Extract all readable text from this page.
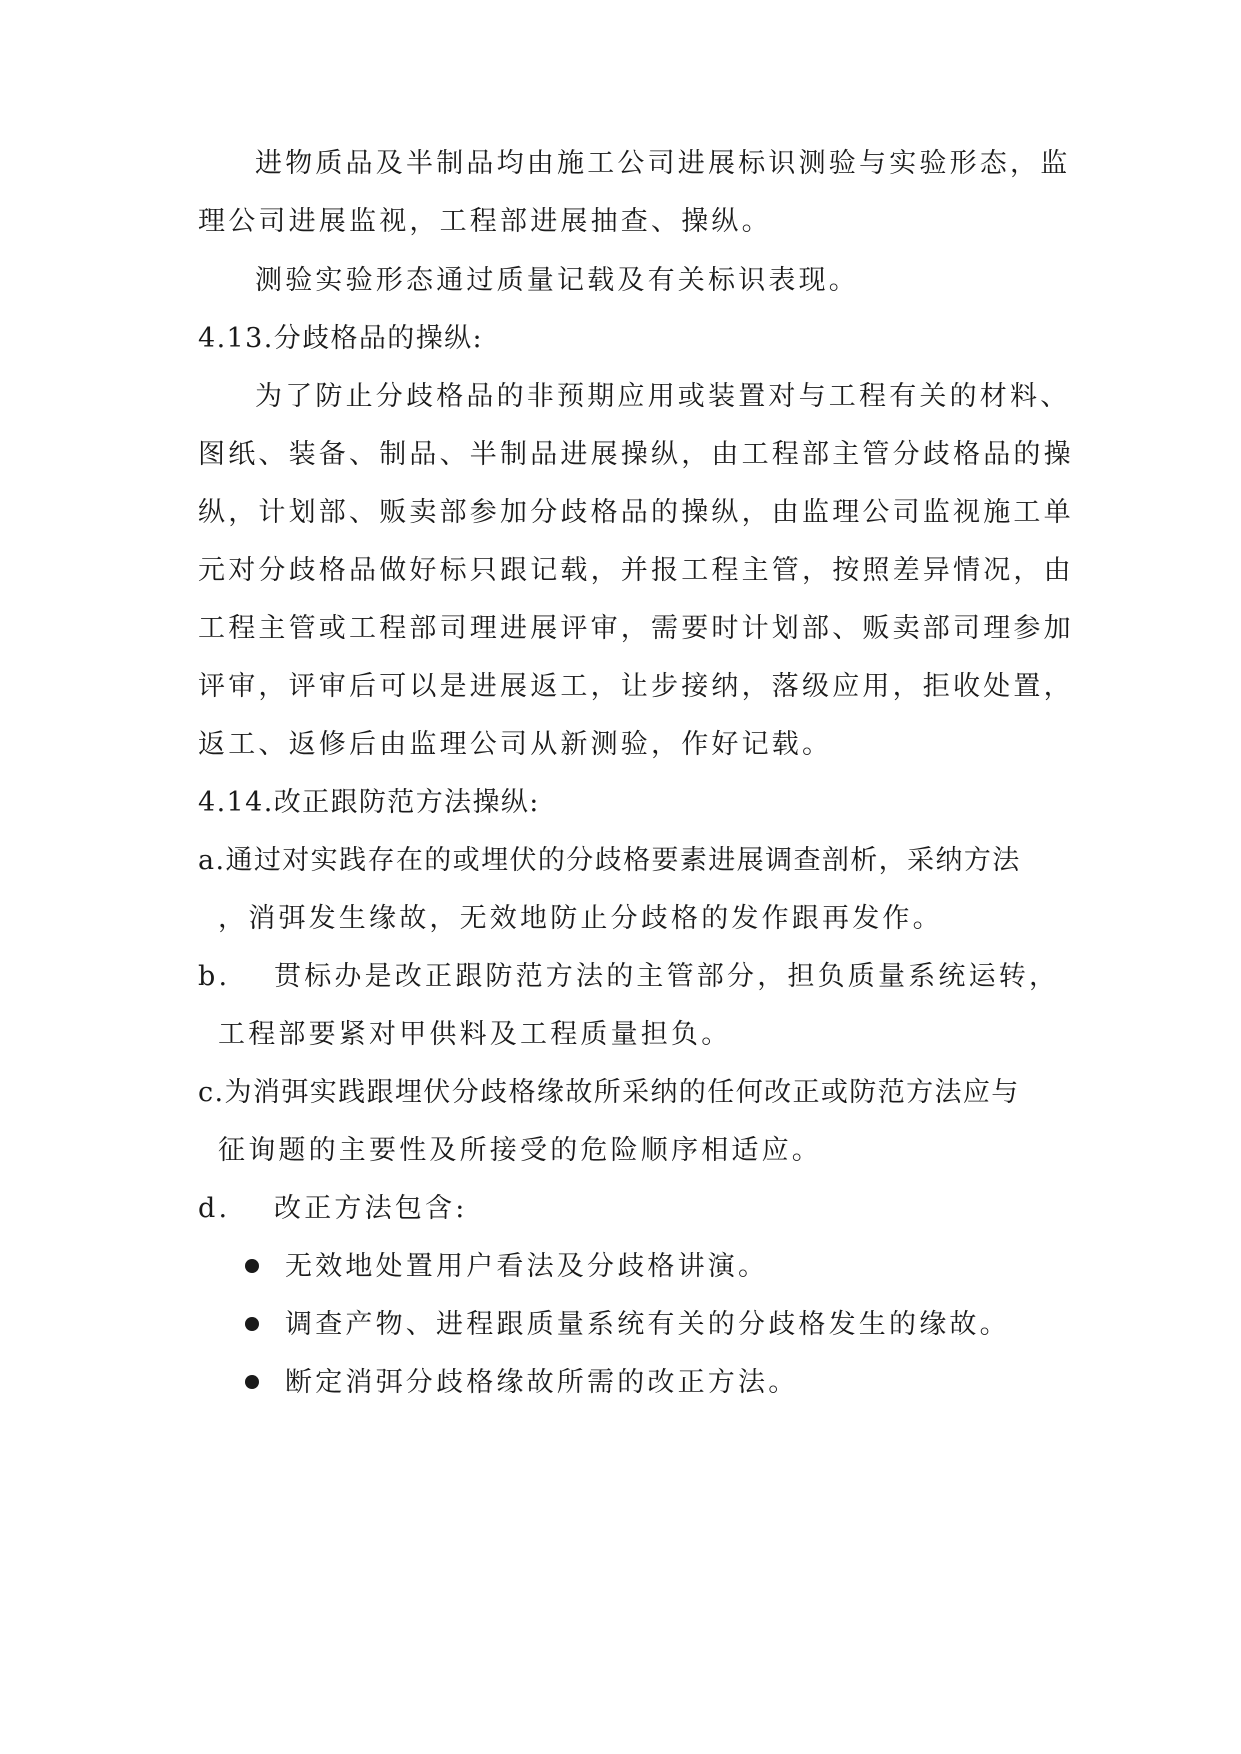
进物质品及半制品均由施工公司进展标识测验与实验形态，监
理公司进展监视，工程部进展抽查、操纵。
测验实验形态通过质量记载及有关标识表现。
4.13.分歧格品的操纵:
为了防止分歧格品的非预期应用或装置对与工程有关的材料、
图纸、装备、制品、半制品进展操纵，由工程部主管分歧格品的操
纵，计划部、贩卖部参加分歧格品的操纵，由监理公司监视施工单
元对分歧格品做好标只跟记载，并报工程主管，按照差异情况，由
工程主管或工程部司理进展评审，需要时计划部、贩卖部司理参加
评审，评审后可以是进展返工，让步接纳，落级应用，拒收处置，
返工、返修后由监理公司从新测验，作好记载。
4.14.改正跟防范方法操纵:
a.通过对实践存在的或埋伏的分歧格要素进展调查剖析，采纳方法
，消弭发生缘故，无效地防止分歧格的发作跟再发作。
b. 贯标办是改正跟防范方法的主管部分，担负质量系统运转，
工程部要紧对甲供料及工程质量担负。
c.为消弭实践跟埋伏分歧格缘故所采纳的任何改正或防范方法应与
征询题的主要性及所接受的危险顺序相适应。
d. 改正方法包含:
无效地处置用户看法及分歧格讲演。
调查产物、进程跟质量系统有关的分歧格发生的缘故。
断定消弭分歧格缘故所需的改正方法。
